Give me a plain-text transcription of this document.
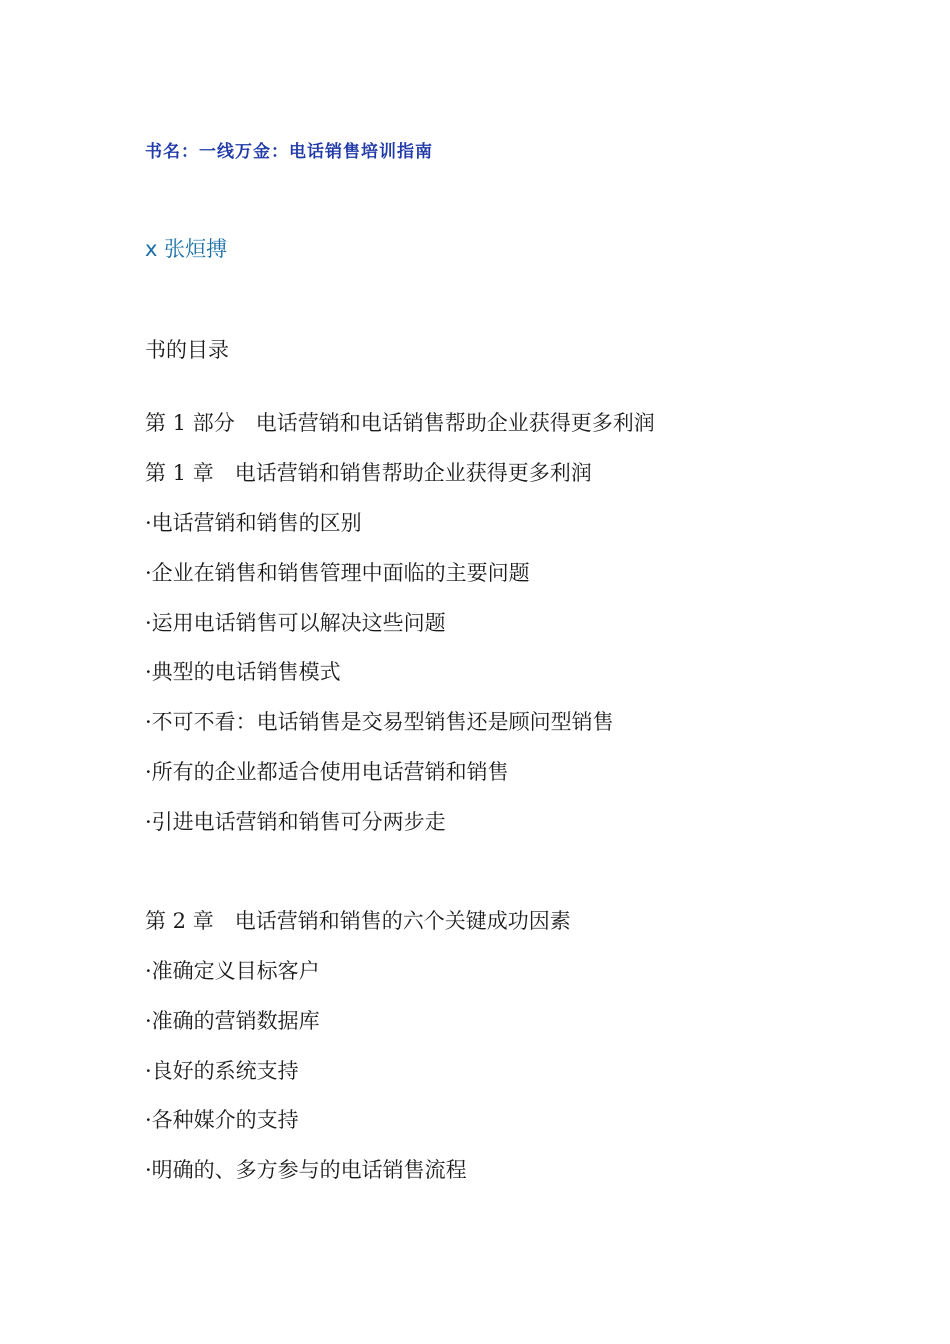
书名：一线万金：电话销售培训指南
x 张烜搏
书的目录
第 1 部分　电话营销和电话销售帮助企业获得更多利润
第 1 章　电话营销和销售帮助企业获得更多利润
·电话营销和销售的区别
·企业在销售和销售管理中面临的主要问题
·运用电话销售可以解决这些问题
·典型的电话销售模式
·不可不看：电话销售是交易型销售还是顾问型销售
·所有的企业都适合使用电话营销和销售
·引进电话营销和销售可分两步走
第 2 章　电话营销和销售的六个关键成功因素
·准确定义目标客户
·准确的营销数据库
·良好的系统支持
·各种媒介的支持
·明确的、多方参与的电话销售流程
